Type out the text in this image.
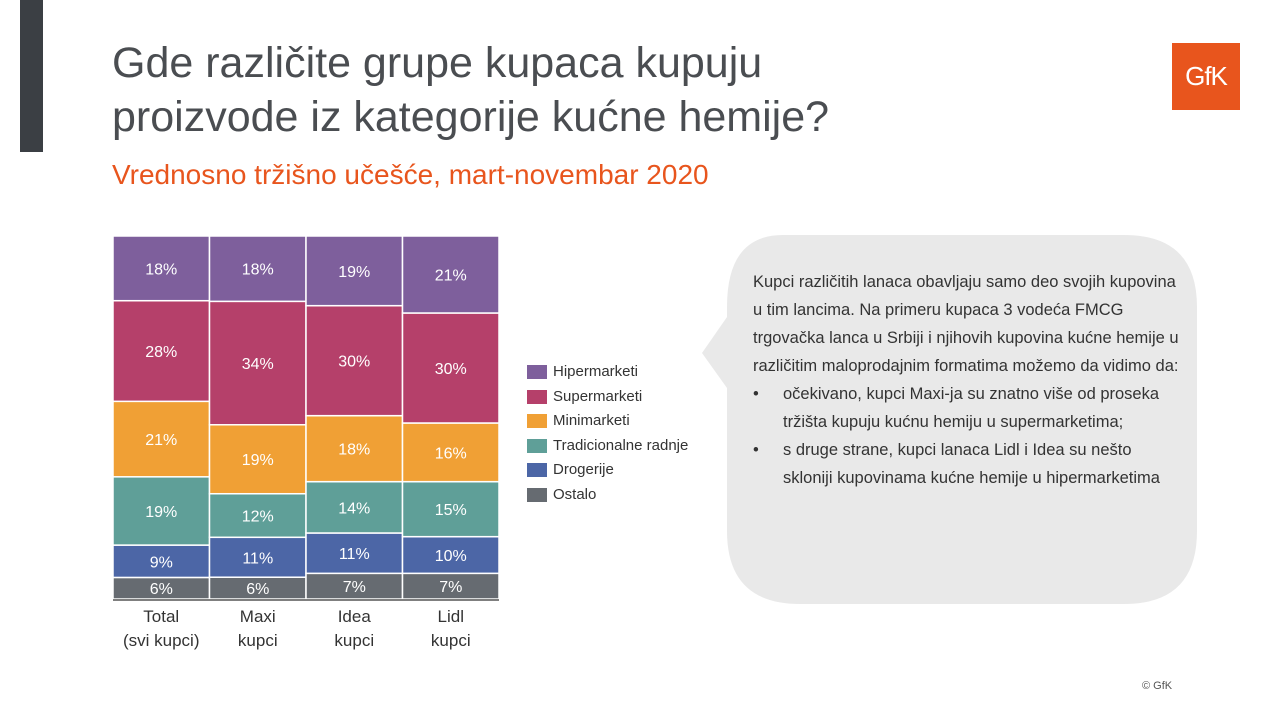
Gde različite grupe kupaca kupuju
proizvode iz kategorije kućne hemije?
Vrednosno tržišno učešće, mart-novembar 2020
GfK
6%
9%
19%
21%
28%
18%
Total
(svi kupci)
6%
11%
12%
19%
34%
18%
Maxi
kupci
7%
11%
14%
18%
30%
19%
Idea
kupci
7%
10%
15%
16%
30%
21%
Lidl
kupci
Hipermarketi
Supermarketi
Minimarketi
Tradicionalne radnje
Drogerije
Ostalo

Kupci različitih lanaca obavljaju samo deo svojih kupovina u tim lancima. Na primeru kupaca 3 vodeća FMCG trgovačka lanca u Srbiji i njihovih kupovina kućne hemije u različitim maloprodajnim formatima možemo da vidimo da:

•	očekivano, kupci Maxi-ja su znatno više od proseka tržišta kupuju kućnu hemiju u supermarketima;
•	s druge strane, kupci lanaca Lidl i Idea su nešto skloniji kupovinama kućne hemije u hipermarketima
© GfK
